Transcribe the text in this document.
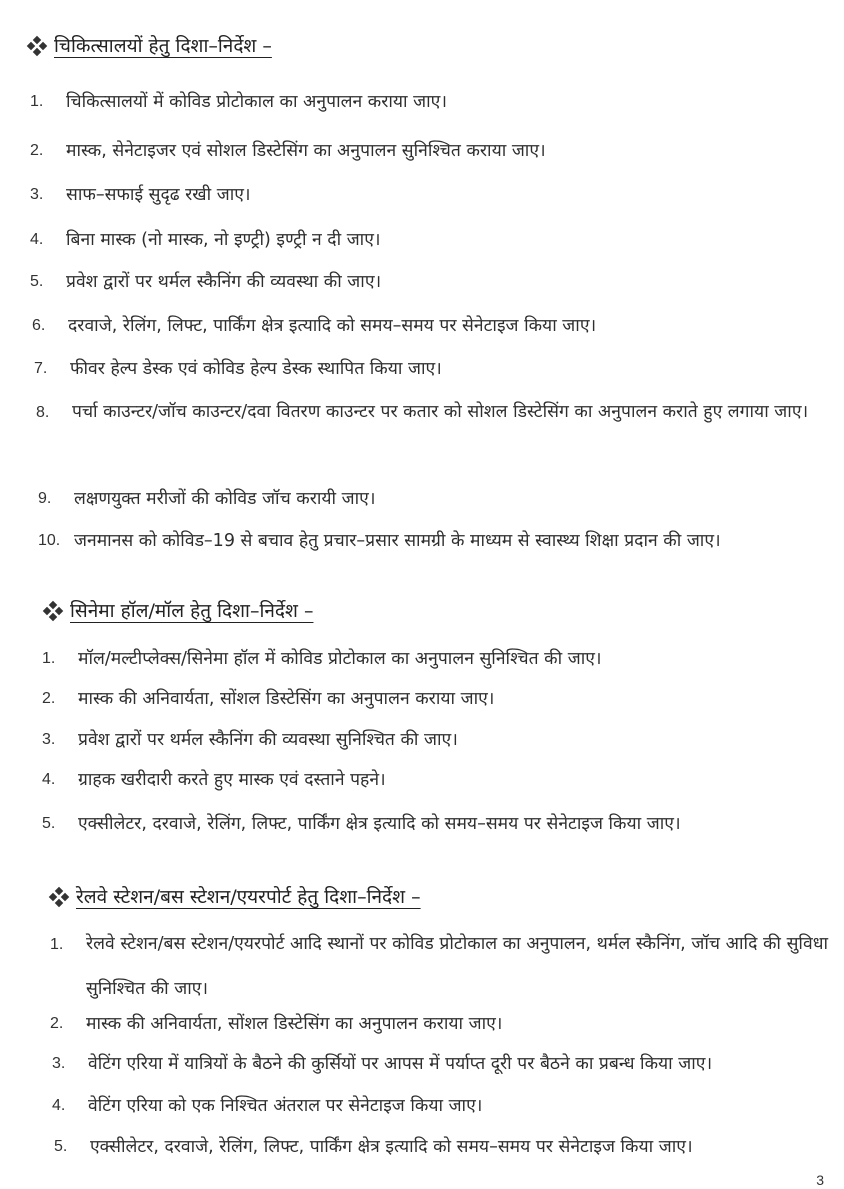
चिकित्सालयों हेतु दिशा–निर्देश –
1.	चिकित्सालयों में कोविड प्रोटोकाल का अनुपालन कराया जाए।
2.	मास्क, सेनेटाइजर एवं सोशल डिस्टेसिंग का अनुपालन सुनिश्चित कराया जाए।
3.	साफ–सफाई सुदृढ रखी जाए।
4.	बिना मास्क (नो मास्क, नो इण्ट्री) इण्ट्री न दी जाए।
5.	प्रवेश द्वारों पर थर्मल स्कैनिंग की व्यवस्था की जाए।
6.	दरवाजे, रेलिंग, लिफ्ट, पार्किंग क्षेत्र इत्यादि को समय–समय पर सेनेटाइज किया जाए।
7.	फीवर हेल्प डेस्क एवं कोविड हेल्प डेस्क स्थापित किया जाए।
8.	पर्चा काउन्टर/जॉच काउन्टर/दवा वितरण काउन्टर पर कतार को सोशल डिस्टेसिंग का अनुपालन कराते हुए लगाया जाए।
9.	लक्षणयुक्त मरीजों की कोविड जॉच करायी जाए।
10. जनमानस को कोविड–19 से बचाव हेतु प्रचार–प्रसार सामग्री के माध्यम से स्वास्थ्य शिक्षा प्रदान की जाए।
सिनेमा हॉल/मॉल हेतु दिशा–निर्देश –
1.	मॉल/मल्टीप्लेक्स/सिनेमा हॉल में कोविड प्रोटोकाल का अनुपालन सुनिश्चित की जाए।
2.	मास्क की अनिवार्यता, सोंशल डिस्टेसिंग का अनुपालन कराया जाए।
3.	प्रवेश द्वारों पर थर्मल स्कैनिंग की व्यवस्था सुनिश्चित की जाए।
4.	ग्राहक खरीदारी करते हुए मास्क एवं दस्ताने पहने।
5.	एक्सीलेटर, दरवाजे, रेलिंग, लिफ्ट, पार्किंग क्षेत्र इत्यादि को समय–समय पर सेनेटाइज किया जाए।
रेलवे स्टेशन/बस स्टेशन/एयरपोर्ट हेतु दिशा–निर्देश –
1.	रेलवे स्टेशन/बस स्टेशन/एयरपोर्ट आदि स्थानों पर कोविड प्रोटोकाल का अनुपालन, थर्मल स्कैनिंग, जॉच आदि की सुविधा सुनिश्चित की जाए।
2.	मास्क की अनिवार्यता, सोंशल डिस्टेसिंग का अनुपालन कराया जाए।
3.	वेटिंग एरिया में यात्रियों के बैठने की कुर्सियों पर आपस में पर्याप्त दूरी पर बैठने का प्रबन्ध किया जाए।
4.	वेटिंग एरिया को एक निश्चित अंतराल पर सेनेटाइज किया जाए।
5.	एक्सीलेटर, दरवाजे, रेलिंग, लिफ्ट, पार्किंग क्षेत्र इत्यादि को समय–समय पर सेनेटाइज किया जाए।
3
